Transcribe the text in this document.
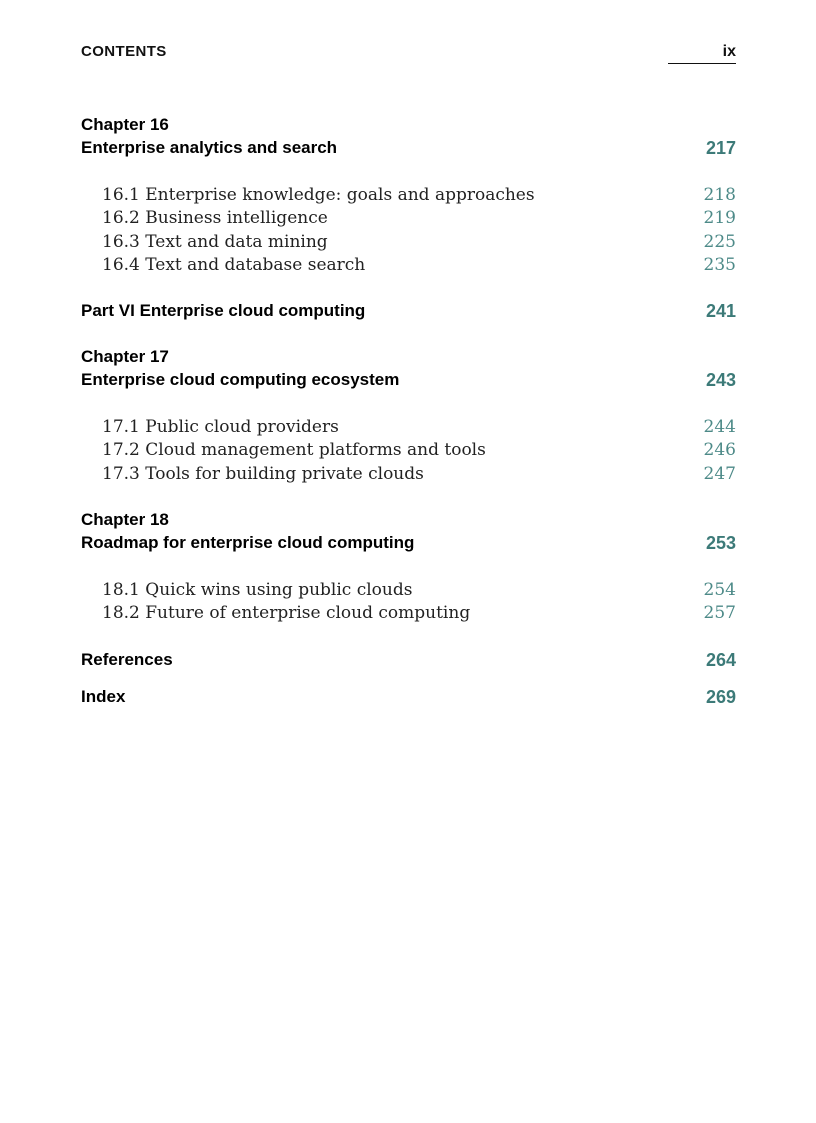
CONTENTS	ix
Chapter 16
Enterprise analytics and search	217
16.1 Enterprise knowledge: goals and approaches	218
16.2 Business intelligence	219
16.3 Text and data mining	225
16.4 Text and database search	235
Part VI Enterprise cloud computing	241
Chapter 17
Enterprise cloud computing ecosystem	243
17.1 Public cloud providers	244
17.2 Cloud management platforms and tools	246
17.3 Tools for building private clouds	247
Chapter 18
Roadmap for enterprise cloud computing	253
18.1 Quick wins using public clouds	254
18.2 Future of enterprise cloud computing	257
References	264
Index	269
